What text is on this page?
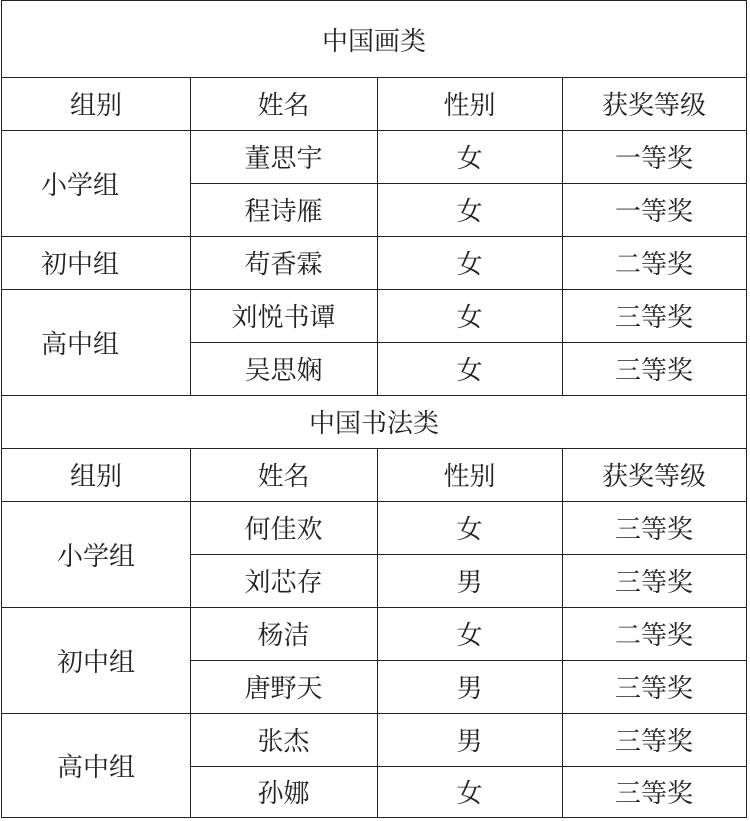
中国画类
组别	姓名	性别	获奖等级
小学组
董思宇	女	一等奖
程诗雁	女	一等奖
初中组	苟香霖	女	二等奖
高中组
刘悦书谭	女	三等奖
吴思娴	女	三等奖
中国书法类
组别	姓名	性别	获奖等级
小学组
何佳欢	女	三等奖
刘芯存	男	三等奖
初中组
杨洁	女	二等奖
唐野天	男	三等奖
高中组
张杰	男	三等奖
孙娜	女	三等奖
